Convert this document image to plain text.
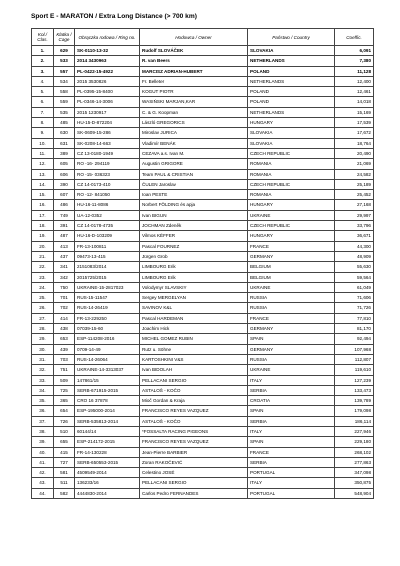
Sport E - MARATON / Extra Long Distance (> 700 km)
Kol./ Clas.	Klatka / Cage	Obrączka rodowa / Ring no.	Hodowca / Owner	Państwo / Country	Coeffic.
1.	629	SK-0110-13-32	Rudolf SLOVÁČEK	SLOVAKIA	6,091
2.	533	2014 3430963	R. van Beers	NETHERLANDS	7,380
3.	557	PL-0422-15-4922	MARCISZ ADRIAN-HUBERT	POLAND	11,128
4.	534	2015 3530826	Fr. Belleter	NETHERLANDS	12,400
5.	558	PL-0395-15-8400	KOGUT PIOTR	POLAND	12,461
6.	559	PL-0346-14-3006	WASIŃSKI MARJAN,KAR	POLAND	14,018
7.	535	2015 1230917	C. & G. Koopman	NETHERLANDS	15,169
8.	485	HU-15-D-872204	László GREGORICS	HUNGARY	17,539
9.	630	SK-0609-15-286	Miroslav JURICA	SLOVAKIA	17,672
10.	631	SK-0208-14-663	Vladimír BENÁK	SLOVAKIA	18,764
11.	389	CZ 13-0180-1949	CEZAVA a.s. Ivan M.	CZECH REPUBLIC	20,490
12.	605	RO -16- 294119	Augustin GRIGORE	ROMANIA	21,069
13.	606	RO -15- 036323	Team PAUL & CRISTIAN	ROMANIA	24,582
14.	390	CZ 14-0173-410	ČULEN Jaroslav	CZECH REPUBLIC	25,189
15.	607	RO -12- 841050	Ioan PESTE	ROMANIA	25,452
16.	486	HU-16-11-8086	Norbert FÖLDING és apja	HUNGARY	27,168
17.	749	UA-12-0352	Ivan BIGUN	UKRAINE	29,997
18.	391	CZ 14-0178-4735	JOCHMAN Zdeněk	CZECH REPUBLIC	33,796
19.	487	HU-16-D-103209	Vilmos KÉFFER	HUNGARY	36,671
20.	413	FR-13-100811	Pascal FOURNEZ	FRANCE	44,300
21.	437	09473-13-415	Jürgen Grob	GERMANY	48,909
22.	341	2151083/2014	LIMBOURG Erik	BELGIUM	55,630
23.	342	2015725/2015	LIMBOURG Erik	BELGIUM	59,564
24.	750	UKRAINE-15-2817023	Volodymyr SLAVSKIY	UKRAINE	61,049
25.	701	RUS-15-11547	Sergey MERGELYAN	RUSSIA	71,606
26.	702	RUS-14-26419	SAVINOV K&L	RUSSIA	71,726
27.	414	FR-13-229250	Pascal HARDEMAN	FRANCE	77,810
28.	438	07039-15-60	Joachim Hick	GERMANY	81,170
29.	653	ESP-114208-2016	MICHEL GOMEZ RUBIN	SPAIN	92,494
30.	439	0709-14-49	Rutz u. Söhne	GERMANY	107,968
31.	703	RUS-14-26064	KARTOSHKINI V&S	RUSSIA	112,807
32.	751	UKRAINE-14-3313037	Ivan BIDOLAH	UKRAINE	119,610
33.	509	147861/15	PELLACANI SERGIO	ITALY	127,239
34.	725	SERB-671915-2015	ASTALOŠ - KOČO	SERBIA	133,473
35.	365	CRO 16 37878	Mioč Gordan & Kraja	CROATIA	139,789
36.	654	ESP-195000-2014	FRANCISCO REYES VAZQUEZ	SPAIN	179,098
37.	726	SERB-535813-2014	ASTALOŠ - KOČO	SERBIA	186,114
38.	510	60144/14	*FOSSALTA RACING PIGEONS	ITALY	227,946
39.	655	ESP-214172-2015	FRANCISCO REYES VAZQUEZ	SPAIN	229,180
40.	415	FR-14-130228	Jean-Pierre BARBIER	FRANCE	268,102
41.	727	SERB-650553-2015	Zoran RAKOČEVIĆ	SERBIA	277,863
42.	581	4509549-2014	Celestino JOSÉ	PORTUGAL	347,098
43.	511	136233/16	PELLACANI SERGIO	ITALY	350,875
44.	582	4444830-2014	Carlos Pedro FERNANDES	PORTUGAL	548,904
